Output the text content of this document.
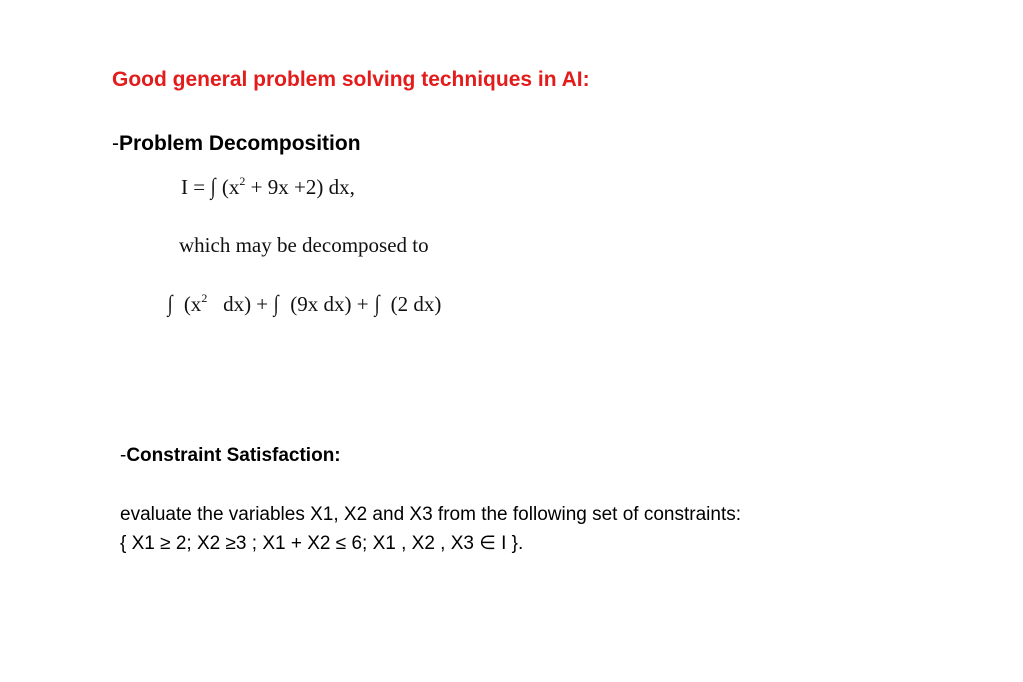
Good general problem solving techniques in AI:
-Problem Decomposition
I = ∫ $(x^2 + 9x +2)$ dx,
which may be decomposed to
∫ ($x^2$ dx) + ∫ (9x dx) + ∫ (2 dx)
-Constraint Satisfaction:
evaluate the variables X1, X2 and X3 from the following set of constraints:
{ X1 ≥ 2; X2 ≥3 ; X1 + X2 ≤ 6; X1 , X2 , X3 ∈ I }.
